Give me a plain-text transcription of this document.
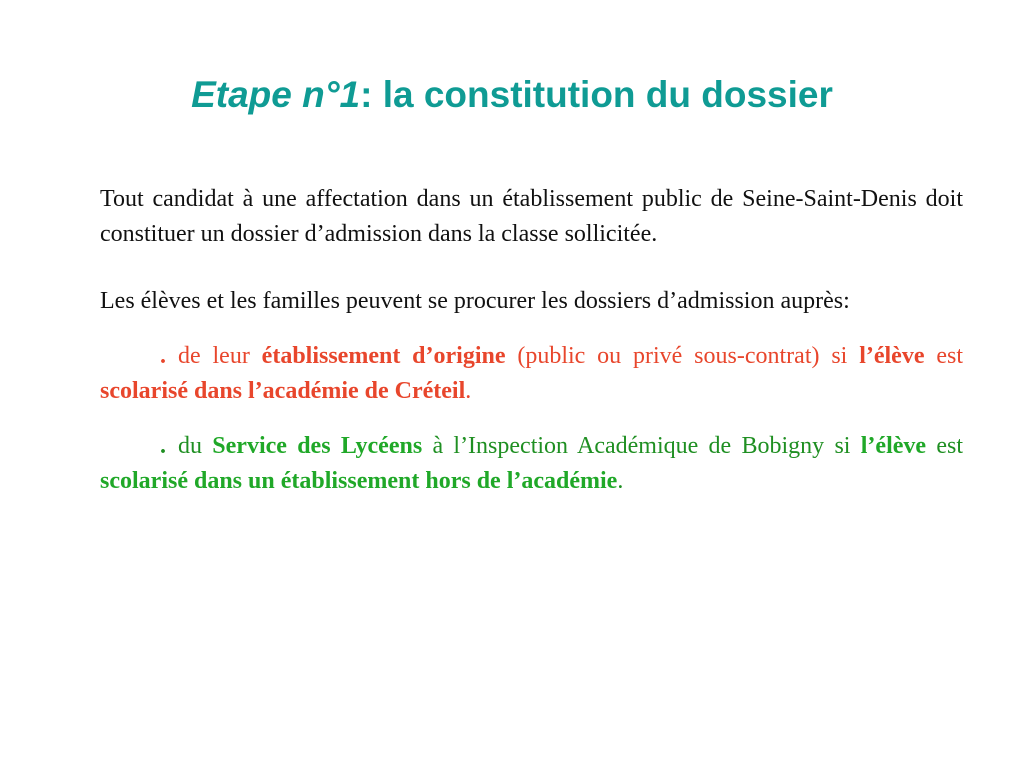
Etape n°1: la constitution du dossier

Tout candidat à une affectation dans un établissement public de Seine-Saint-Denis doit constituer un dossier d’admission dans la classe sollicitée.

Les élèves et les familles peuvent se procurer les dossiers d’admission auprès:

. de leur établissement d’origine (public ou privé sous-contrat) si l’élève est scolarisé dans l’académie de Créteil.

. du Service des Lycéens à l’Inspection Académique de Bobigny si l’élève est scolarisé dans un établissement hors de l’académie.
